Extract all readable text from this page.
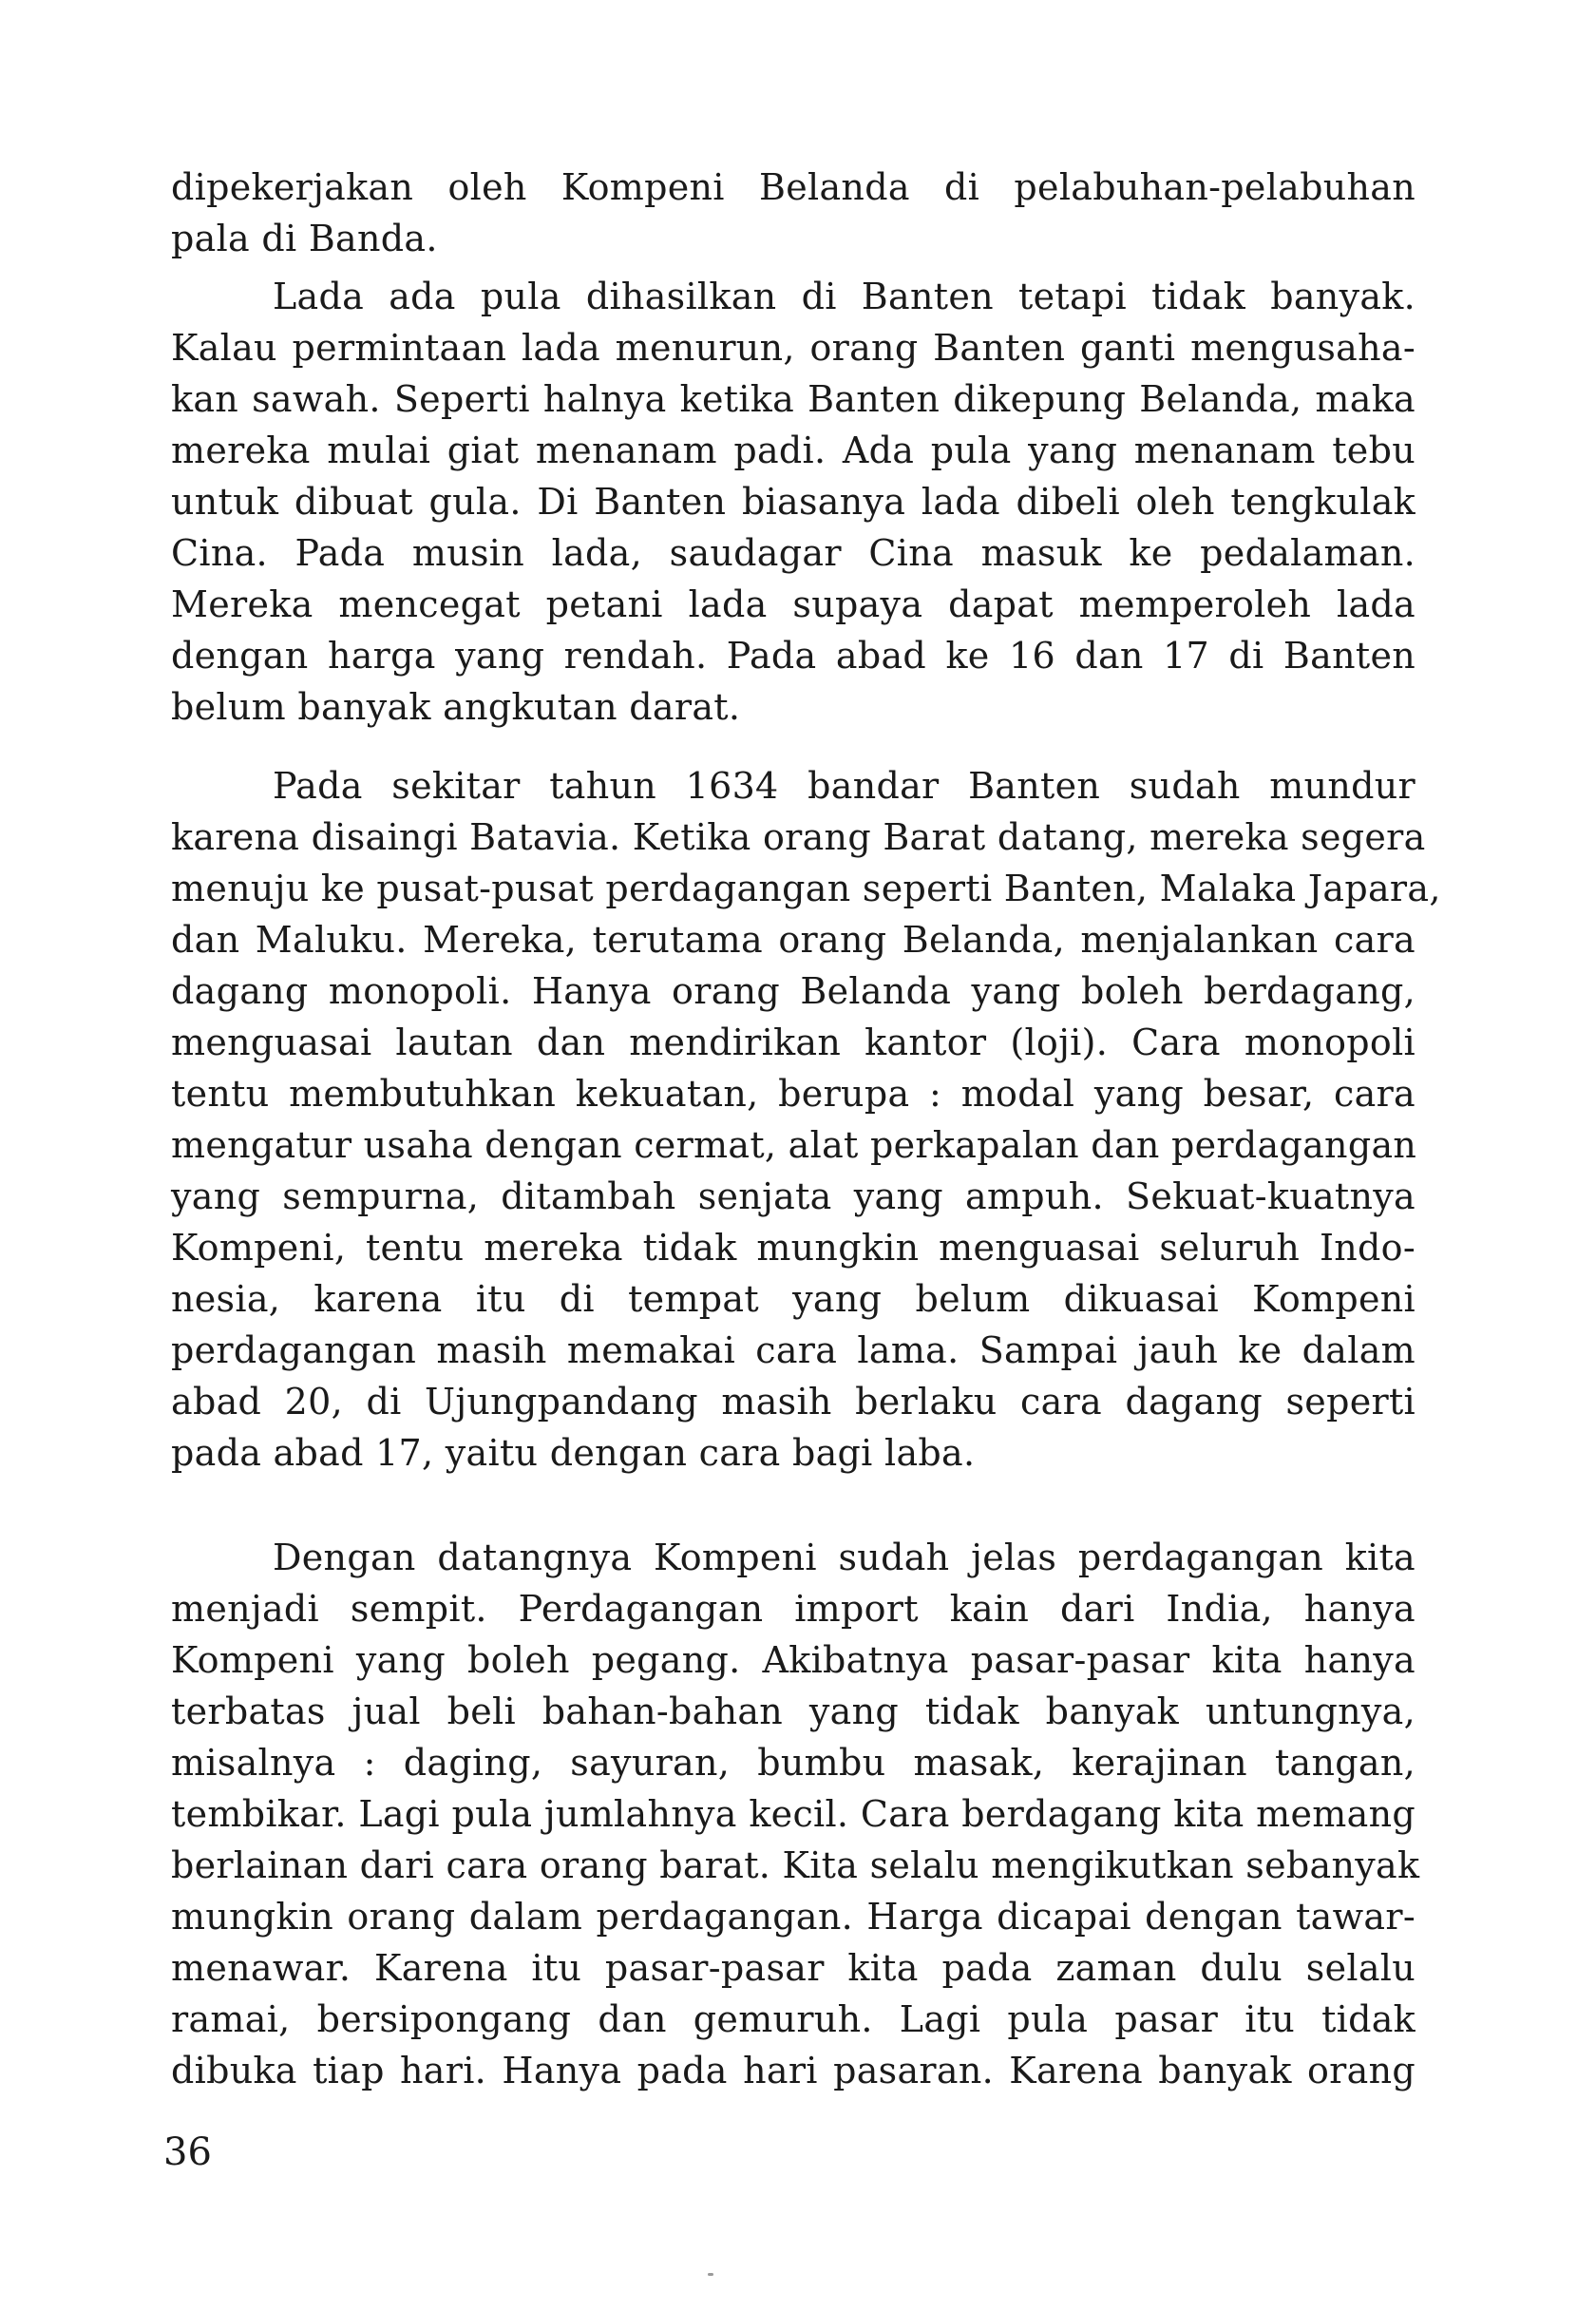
dipekerjakan oleh Kompeni Belanda di pelabuhan-pelabuhan
pala di Banda.
Lada ada pula dihasilkan di Banten tetapi tidak banyak.
Kalau permintaan lada menurun, orang Banten ganti mengusaha-
kan sawah. Seperti halnya ketika Banten dikepung Belanda, maka
mereka mulai giat menanam padi. Ada pula yang menanam tebu
untuk dibuat gula. Di Banten biasanya lada dibeli oleh tengkulak
Cina. Pada musin lada, saudagar Cina masuk ke pedalaman.
Mereka mencegat petani lada supaya dapat memperoleh lada
dengan harga yang rendah. Pada abad ke 16 dan 17 di Banten
belum banyak angkutan darat.
Pada sekitar tahun 1634 bandar Banten sudah mundur
karena disaingi Batavia. Ketika orang Barat datang, mereka segera
menuju ke pusat-pusat perdagangan seperti Banten, Malaka Japara,
dan Maluku. Mereka, terutama orang Belanda, menjalankan cara
dagang monopoli. Hanya orang Belanda yang boleh berdagang,
menguasai lautan dan mendirikan kantor (loji). Cara monopoli
tentu membutuhkan kekuatan, berupa : modal yang besar, cara
mengatur usaha dengan cermat, alat perkapalan dan perdagangan
yang sempurna, ditambah senjata yang ampuh. Sekuat-kuatnya
Kompeni, tentu mereka tidak mungkin menguasai seluruh Indo-
nesia, karena itu di tempat yang belum dikuasai Kompeni
perdagangan masih memakai cara lama. Sampai jauh ke dalam
abad 20, di Ujungpandang masih berlaku cara dagang seperti
pada abad 17, yaitu dengan cara bagi laba.
Dengan datangnya Kompeni sudah jelas perdagangan kita
menjadi sempit. Perdagangan import kain dari India, hanya
Kompeni yang boleh pegang. Akibatnya pasar-pasar kita hanya
terbatas jual beli bahan-bahan yang tidak banyak untungnya,
misalnya : daging, sayuran, bumbu masak, kerajinan tangan,
tembikar. Lagi pula jumlahnya kecil. Cara berdagang kita memang
berlainan dari cara orang barat. Kita selalu mengikutkan sebanyak
mungkin orang dalam perdagangan. Harga dicapai dengan tawar-
menawar. Karena itu pasar-pasar kita pada zaman dulu selalu
ramai, bersipongang dan gemuruh. Lagi pula pasar itu tidak
dibuka tiap hari. Hanya pada hari pasaran. Karena banyak orang
36
